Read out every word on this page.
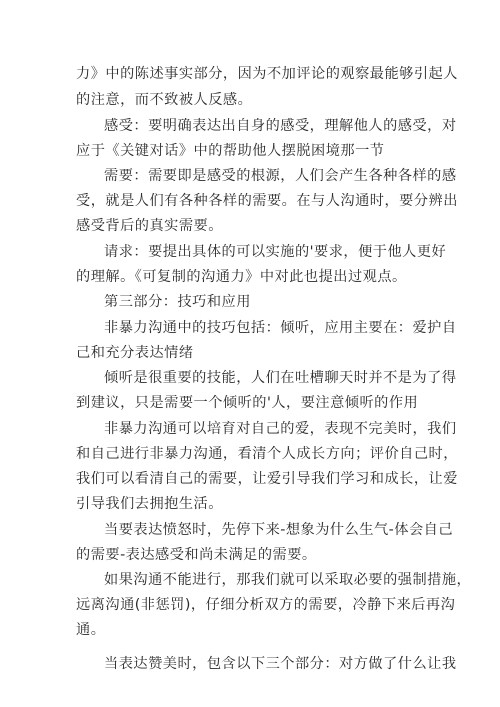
力》中的陈述事实部分，因为不加评论的观察最能够引起人
的注意，而不致被人反感。
感受：要明确表达出自身的感受，理解他人的感受，对
应于《关键对话》中的帮助他人摆脱困境那一节
需要：需要即是感受的根源，人们会产生各种各样的感
受，就是人们有各种各样的需要。在与人沟通时，要分辨出
感受背后的真实需要。
请求：要提出具体的可以实施的'要求，便于他人更好
的理解。《可复制的沟通力》中对此也提出过观点。
第三部分：技巧和应用
非暴力沟通中的技巧包括：倾听，应用主要在：爱护自
己和充分表达情绪
倾听是很重要的技能，人们在吐槽聊天时并不是为了得
到建议，只是需要一个倾听的'人，要注意倾听的作用
非暴力沟通可以培育对自己的爱，表现不完美时，我们
和自己进行非暴力沟通，看清个人成长方向；评价自己时，
我们可以看清自己的需要，让爱引导我们学习和成长，让爱
引导我们去拥抱生活。
当要表达愤怒时，先停下来-想象为什么生气-体会自己
的需要-表达感受和尚未满足的需要。
如果沟通不能进行，那我们就可以采取必要的强制措施，
远离沟通(非惩罚)，仔细分析双方的需要，冷静下来后再沟
通。
当表达赞美时，包含以下三个部分：对方做了什么让我
